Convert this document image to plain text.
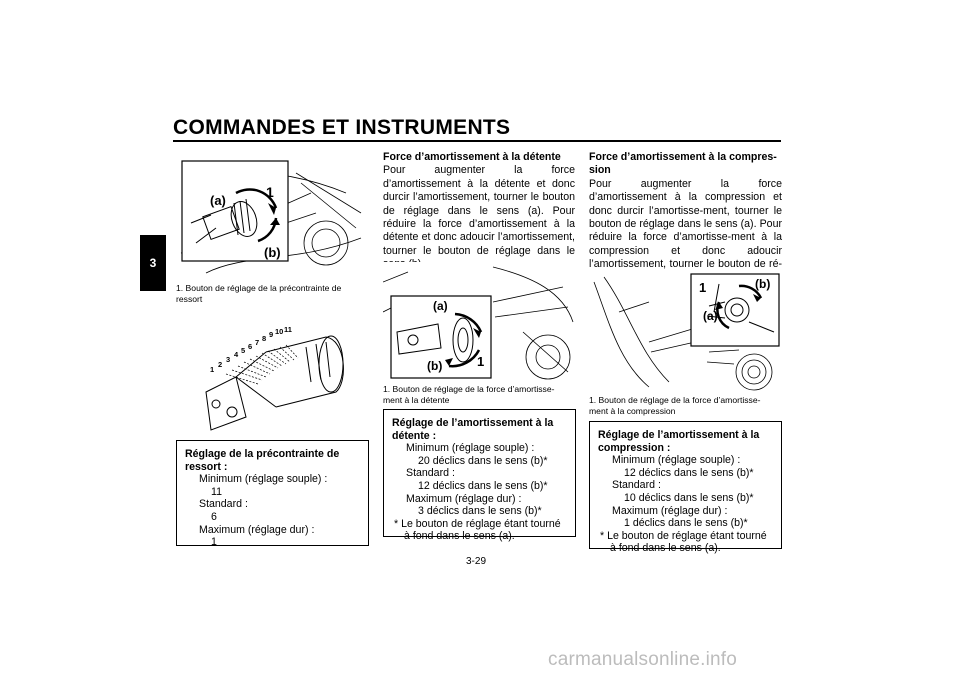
COMMANDES ET INSTRUMENTS
3
(a)
1
(b)
1. Bouton de réglage de la précontrainte de
ressort
1
2
3
4 5 6 7 8 9 10 11
Réglage de la précontrainte de ressort :
Minimum (réglage souple) :
11
Standard :
6
Maximum (réglage dur) :
1
Force d’amortissement à la détente
Pour augmenter la force d’amortissement à la détente et donc durcir l’amortissement, tourner le bouton de réglage dans le sens (a). Pour réduire la force d’amortissement à la détente et donc adoucir l’amortissement, tourner le bouton de réglage dans le
(a)
(b)	1
1. Bouton de réglage de la force d’amortisse-
ment à la détente
Réglage de l’amortissement à la détente :
Minimum (réglage souple) :
20 déclics dans le sens (b)*
Standard :
12 déclics dans le sens (b)*
Maximum (réglage dur) :
3 déclics dans le sens (b)*
* Le bouton de réglage étant tourné à fond dans le sens (a).
Force d’amortissement à la compres-
sion
Pour augmenter la force d’amortissement à la compression et donc durcir l’amortisse-ment, tourner le bouton de réglage dans le sens (a). Pour réduire la force d’amortisse-ment à la compression et donc adoucir l’amortissement, tourner le bouton de ré-
1	(b)
(a)
1. Bouton de réglage de la force d’amortisse-
ment à la compression
Réglage de l’amortissement à la compression :
Minimum (réglage souple) :
12 déclics dans le sens (b)*
Standard :
10 déclics dans le sens (b)*
Maximum (réglage dur) :
1 déclics dans le sens (b)*
* Le bouton de réglage étant tourné à fond dans le sens (a).
3-29
carmanualsonline.info
